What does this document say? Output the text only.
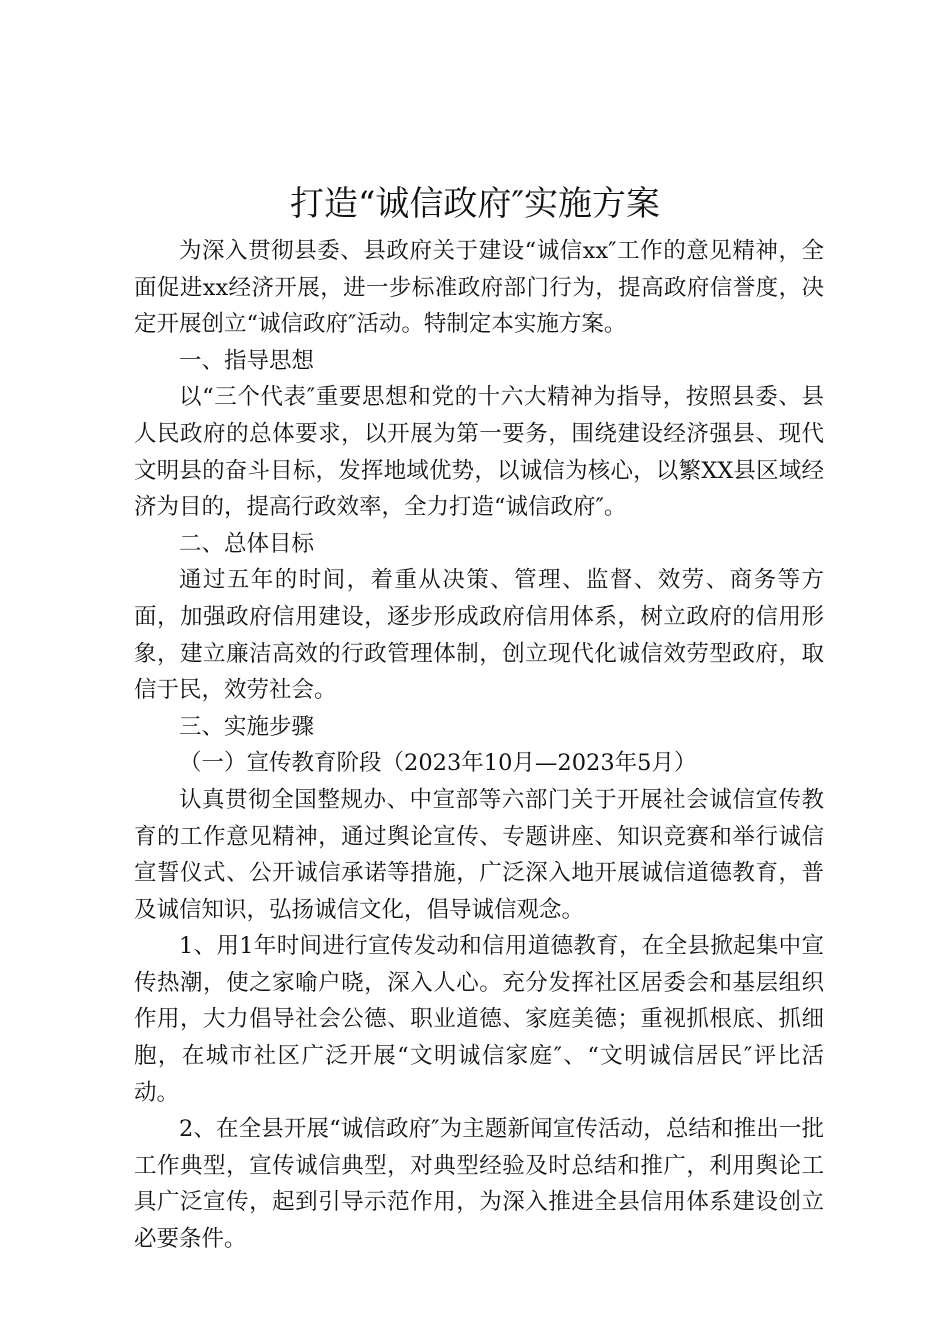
打造“诚信政府″实施方案

为深入贯彻县委、县政府关于建设“诚信xx″工作的意见精神，全面促进xx经济开展，进一步标准政府部门行为，提高政府信誉度，决定开展创立“诚信政府″活动。特制定本实施方案。

一、指导思想

以“三个代表″重要思想和党的十六大精神为指导，按照县委、县人民政府的总体要求，以开展为第一要务，围绕建设经济强县、现代文明县的奋斗目标，发挥地域优势，以诚信为核心，以繁XX县区域经济为目的，提高行政效率，全力打造“诚信政府″。

二、总体目标

通过五年的时间，着重从决策、管理、监督、效劳、商务等方面，加强政府信用建设，逐步形成政府信用体系，树立政府的信用形象，建立廉洁高效的行政管理体制，创立现代化诚信效劳型政府，取信于民，效劳社会。

三、实施步骤

（一）宣传教育阶段（2023年10月—2023年5月）

认真贯彻全国整规办、中宣部等六部门关于开展社会诚信宣传教育的工作意见精神，通过舆论宣传、专题讲座、知识竞赛和举行诚信宣誓仪式、公开诚信承诺等措施，广泛深入地开展诚信道德教育，普及诚信知识，弘扬诚信文化，倡导诚信观念。

1、用1年时间进行宣传发动和信用道德教育，在全县掀起集中宣传热潮，使之家喻户晓，深入人心。充分发挥社区居委会和基层组织作用，大力倡导社会公德、职业道德、家庭美德；重视抓根底、抓细胞，在城市社区广泛开展“文明诚信家庭″、“文明诚信居民″评比活动。

2、在全县开展“诚信政府″为主题新闻宣传活动，总结和推出一批工作典型，宣传诚信典型，对典型经验及时总结和推广，利用舆论工具广泛宣传，起到引导示范作用，为深入推进全县信用体系建设创立必要条件。
